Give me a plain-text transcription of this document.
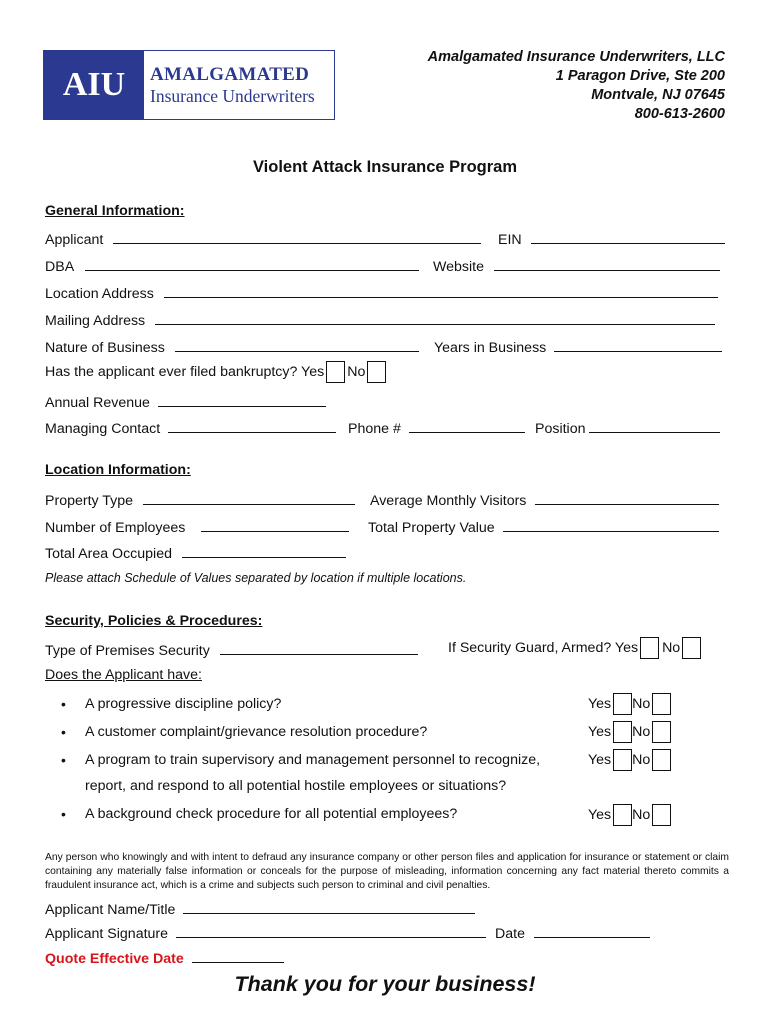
AIU AMALGAMATED
Insurance Underwriters
Amalgamated Insurance Underwriters, LLC
1 Paragon Drive, Ste 200
Montvale, NJ 07645
800-613-2600
Violent Attack Insurance Program
General Information:
Applicant	EIN
DBA	Website
Location Address
Mailing Address
Nature of Business	Years in Business
Has the applicant ever filed bankruptcy? Yes No
Annual Revenue
Managing Contact	Phone #	Position
Location Information:
Property Type	Average Monthly Visitors
Number of Employees	Total Property Value
Total Area Occupied
Please attach Schedule of Values separated by location if multiple locations.
Security, Policies & Procedures:
Type of Premises Security	If Security Guard, Armed? Yes No
Does the Applicant have:
• A progressive discipline policy?	Yes No
• A customer complaint/grievance resolution procedure?	Yes No
• A program to train supervisory and management personnel to recognize,
report, and respond to all potential hostile employees or situations?
Yes No
• A background check procedure for all potential employees?	Yes No
Any person who knowingly and with intent to defraud any insurance company or other person files and application for insurance or statement or claim containing any materially false information or conceals for the purpose of misleading, information concerning any fact material thereto commits a fraudulent insurance act, which is a crime and subjects such person to criminal and civil penalties.
Applicant Name/Title
Applicant Signature	Date
Quote Effective Date
Thank you for your business!
